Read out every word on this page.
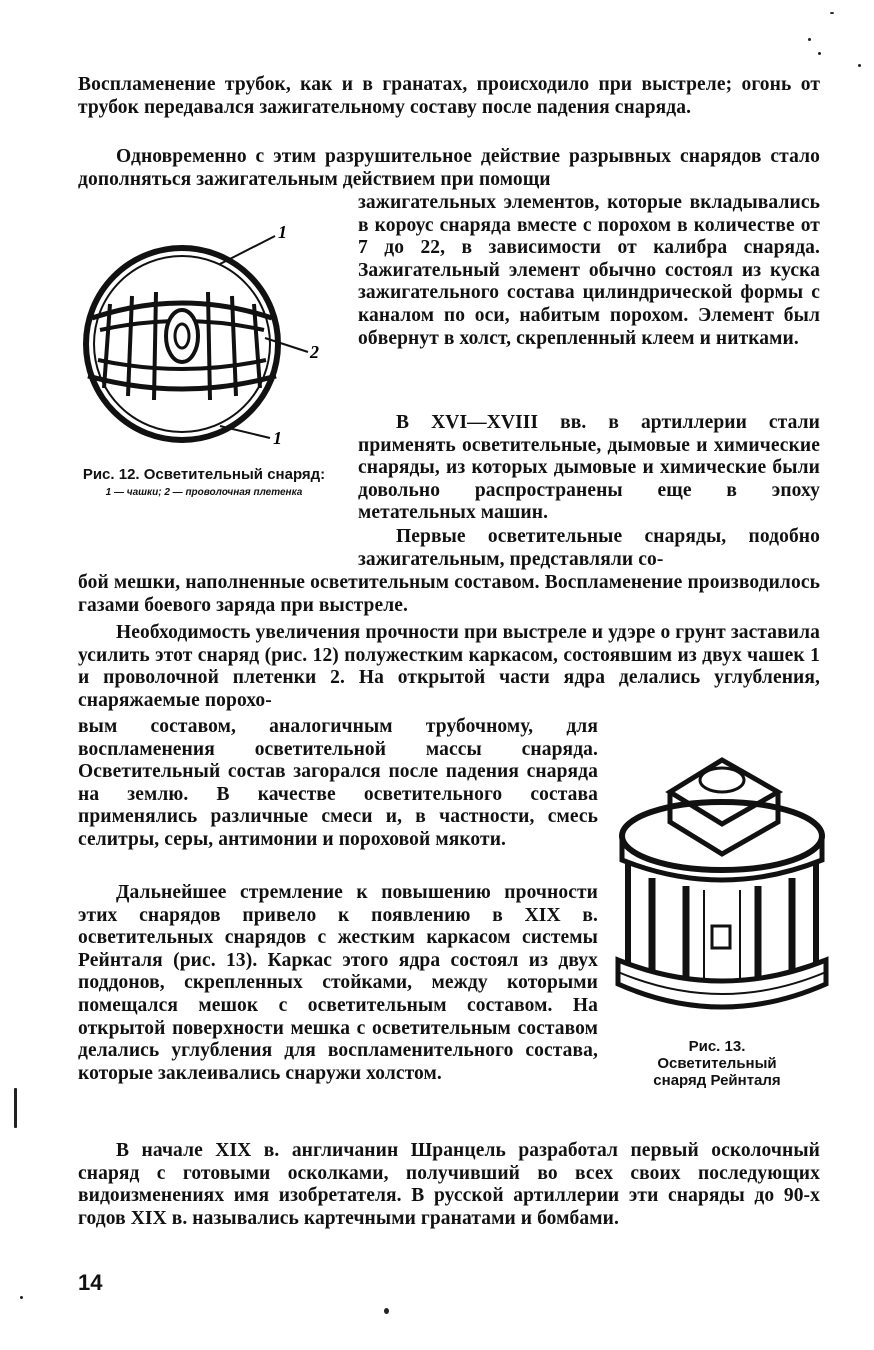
Воспламенение трубок, как и в гранатах, происходило при выстреле; огонь от трубок передавался зажигательному составу после падения снаряда.

Одновременно с этим разрушительное действие разрывных снарядов стало дополняться зажигательным действием при помощи

1
2
1
Рис. 12. Осветительный снаряд:
1 — чашки; 2 — проволочная плетенка

зажигательных элементов, которые вкладывались в короус снаряда вместе с порохом в количестве от 7 до 22, в зависимости от калибра снаряда. Зажигательный элемент обычно состоял из куска зажигательного состава цилиндрической формы с каналом по оси, набитым порохом. Элемент был обвернут в холст, скрепленный клеем и нитками.

В XVI—XVIII вв. в артиллерии стали применять осветительные, дымовые и химические снаряды, из которых дымовые и химические были довольно распространены еще в эпоху метательных машин.

Первые осветительные снаряды, подобно зажигательным, представляли со-

бой мешки, наполненные осветительным составом. Воспламенение производилось газами боевого заряда при выстреле.

Необходимость увеличения прочности при выстреле и удэре о грунт заставила усилить этот снаряд (рис. 12) полужестким каркасом, состоявшим из двух чашек 1 и проволочной плетенки 2. На открытой части ядра делались углубления, снаряжаемые порохо-

вым составом, аналогичным трубочному, для воспламенения осветительной массы снаряда. Осветительный состав загорался после падения снаряда на землю. В качестве осветительного состава применялись различные смеси и, в частности, смесь селитры, серы, антимонии и пороховой мякоти.

Дальнейшее стремление к повышению прочности этих снарядов привело к появлению в XIX в. осветительных снарядов с жестким каркасом системы Рейнталя (рис. 13). Каркас этого ядра состоял из двух поддонов, скрепленных стойками, между которыми помещался мешок с осветительным составом. На открытой поверхности мешка с осветительным составом делались углубления для воспламенительного состава, которые заклеивались снаружи холстом.

Рис. 13. Осветительный снаряд Рейнталя

В начале XIX в. англичанин Шранцель разработал первый осколочный снаряд с готовыми осколками, получивший во всех своих последующих видоизменениях имя изобретателя. В русской артиллерии эти снаряды до 90-х годов XIX в. назывались картечными гранатами и бомбами.

14
